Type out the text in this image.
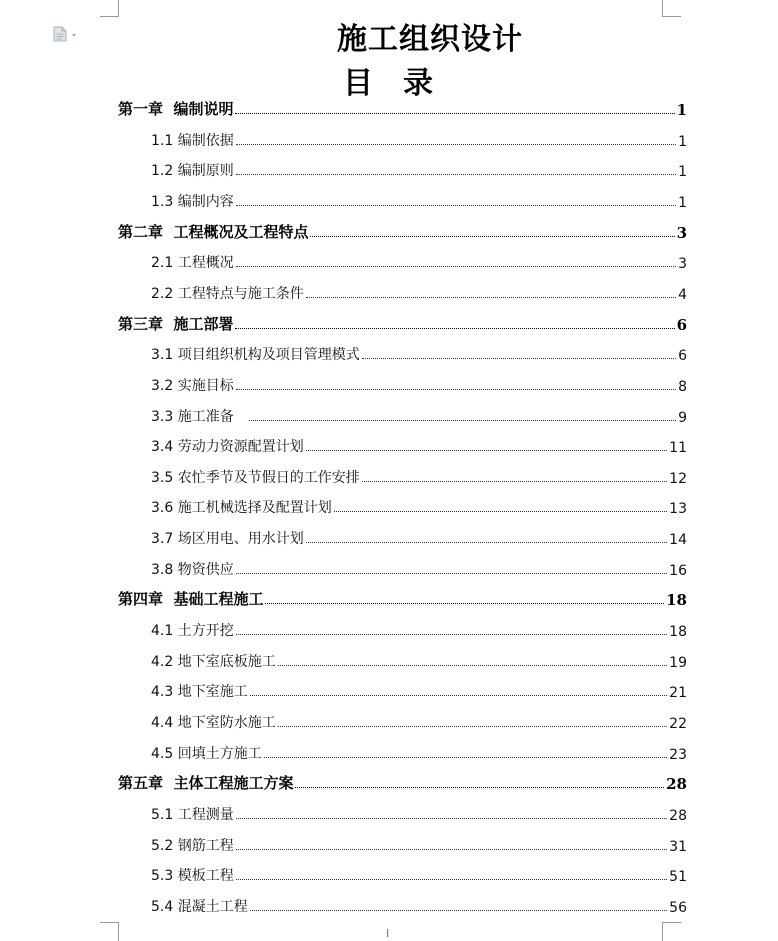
施工组织设计
目　录
第一章  编制说明	1
1.1 编制依据	1
1.2 编制原则	1
1.3 编制内容	1
第二章  工程概况及工程特点	3
2.1 工程概况	3
2.2 工程特点与施工条件	4
第三章  施工部署	6
3.1 项目组织机构及项目管理模式	6
3.2 实施目标	8
3.3 施工准备	9
3.4 劳动力资源配置计划	11
3.5 农忙季节及节假日的工作安排	12
3.6 施工机械选择及配置计划	13
3.7 场区用电、用水计划	14
3.8 物资供应	16
第四章  基础工程施工	18
4.1 土方开挖	18
4.2 地下室底板施工	19
4.3 地下室施工	21
4.4 地下室防水施工	22
4.5 回填土方施工	23
第五章  主体工程施工方案	28
5.1 工程测量	28
5.2 钢筋工程	31
5.3 模板工程	51
5.4 混凝土工程	56
I
